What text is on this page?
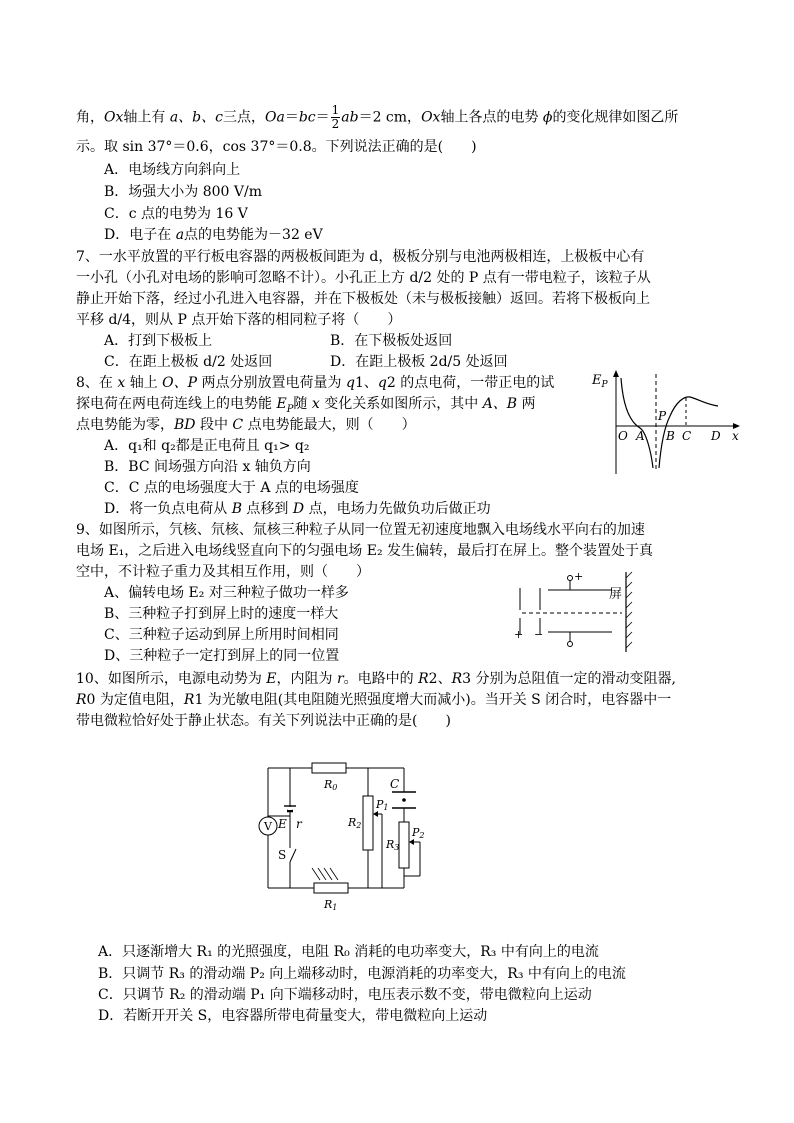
角，Ox轴上有 a、b、c三点，$Oa=bc= \frac{1}{2} ab=2$ cm，Ox轴上各点的电势 ϕ的变化规律如图乙所
示。取 sin 37°＝0.6，cos 37°＝0.8。下列说法正确的是(　　)
A．电场线方向斜向上
B．场强大小为 800 V/m
C．c 点的电势为 16 V
D．电子在 a点的电势能为－32 eV
7、一水平放置的平行板电容器的两极板间距为 d，极板分别与电池两极相连，上极板中心有
一小孔（小孔对电场的影响可忽略不计）。小孔正上方 d/2 处的 P 点有一带电粒子，该粒子从
静止开始下落，经过小孔进入电容器，并在下极板处（未与极板接触）返回。若将下极板向上
平移 d/4，则从 P 点开始下落的相同粒子将（　　）
A．打到下极板上	B．在下极板处返回
C．在距上极板 d/2 处返回	D．在距上极板 2d/5 处返回
8、在 x 轴上 O、P 两点分别放置电荷量为 q1、q2 的点电荷，一带正电的试
探电荷在两电荷连线上的电势能 $E_P$随 x 变化关系如图所示，其中 A、B 两
点电势能为零，BD 段中 C 点电势能最大，则（　　）
A．q₁和 q₂都是正电荷且 q₁> q₂
B．BC 间场强方向沿 x 轴负方向
C．C 点的电场强度大于 A 点的电场强度
D．将一负点电荷从 B 点移到 D 点，电场力先做负功后做正功
$E_P$
x
O A
P
B C D
9、如图所示，氕核、氘核、氚核三种粒子从同一位置无初速度地飘入电场线水平向右的加速
电场 E₁，之后进入电场线竖直向下的匀强电场 E₂ 发生偏转，最后打在屏上。整个装置处于真
空中，不计粒子重力及其相互作用，则（　　）
A、偏转电场 E₂ 对三种粒子做功一样多
B、三种粒子打到屏上时的速度一样大
C、三种粒子运动到屏上所用时间相同
D、三种粒子一定打到屏上的同一位置
+
+ −
屏
10、如图所示，电源电动势为 E，内阻为 r。电路中的 R2、R3 分别为总阻值一定的滑动变阻器,
R0 为定值电阻，R1 为光敏电阻(其电阻随光照强度增大而减小)。当开关 S 闭合时，电容器中一
带电微粒恰好处于静止状态。有关下列说法中正确的是(　　)
R0
V E r
S
R1
R2
P1
C
R3
P2
A．只逐渐增大 R₁ 的光照强度，电阻 R₀ 消耗的电功率变大，R₃ 中有向上的电流
B．只调节 R₃ 的滑动端 P₂ 向上端移动时，电源消耗的功率变大，R₃ 中有向上的电流
C．只调节 R₂ 的滑动端 P₁ 向下端移动时，电压表示数不变，带电微粒向上运动
D．若断开开关 S，电容器所带电荷量变大，带电微粒向上运动
